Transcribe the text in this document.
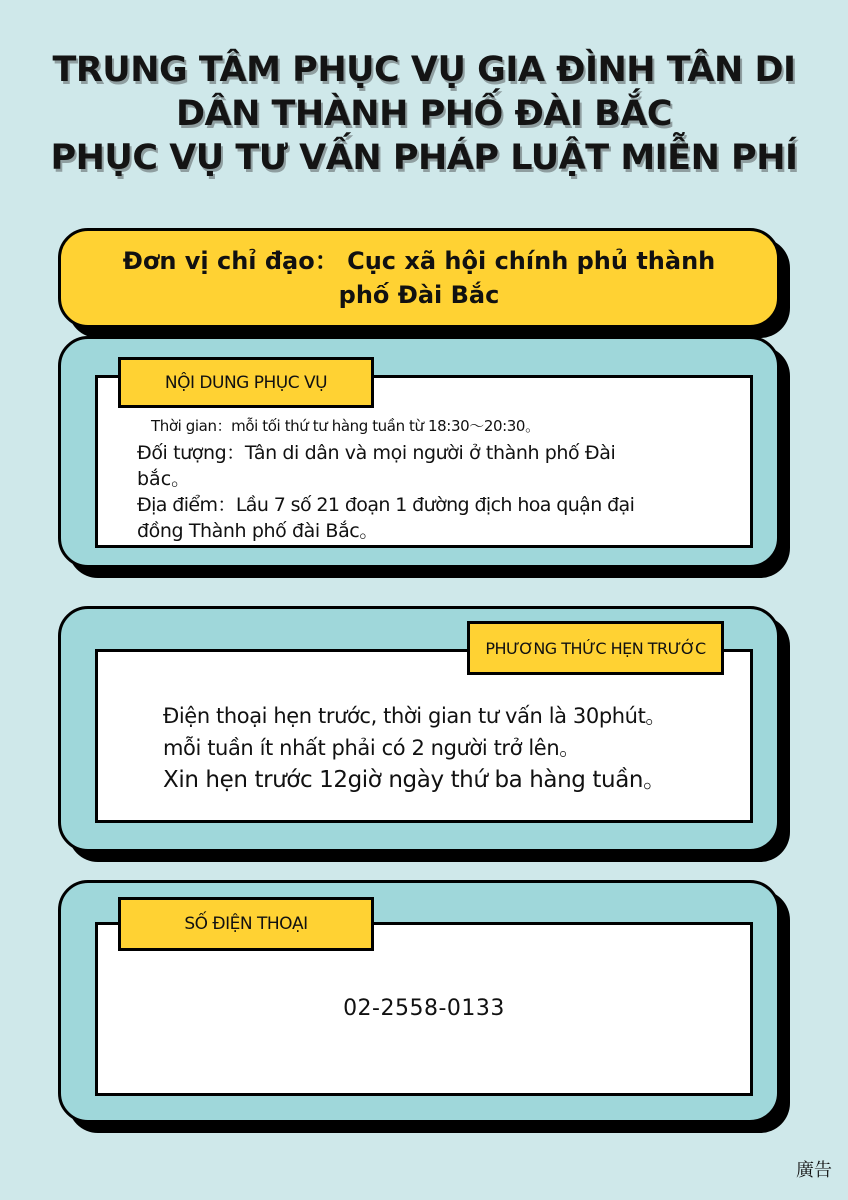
TRUNG TÂM PHỤC VỤ GIA ĐÌNH TÂN DI
DÂN THÀNH PHỐ ĐÀI BẮC
PHỤC VỤ TƯ VẤN PHÁP LUẬT MIỄN PHÍ
NỘI DUNG PHỤC VỤ
Thời gian：mỗi tối thứ tư hàng tuần từ 18:30～20:30。
Đối tượng：Tân di dân và mọi người ở thành phố Đài
bắc。
Địa điểm：Lầu 7 số 21 đoạn 1 đường địch hoa quận đại
đồng Thành phố đài Bắc。
Đơn vị chỉ đạo： Cục xã hội chính phủ thành
phố Đài Bắc
PHƯƠNG THỨC HẸN TRƯỚC
Điện thoại hẹn trước, thời gian tư vấn là 30phút。
mỗi tuần ít nhất phải có 2 người trở lên。
Xin hẹn trước 12giờ ngày thứ ba hàng tuần。
SỐ ĐIỆN THOẠI
02-2558-0133
廣告
